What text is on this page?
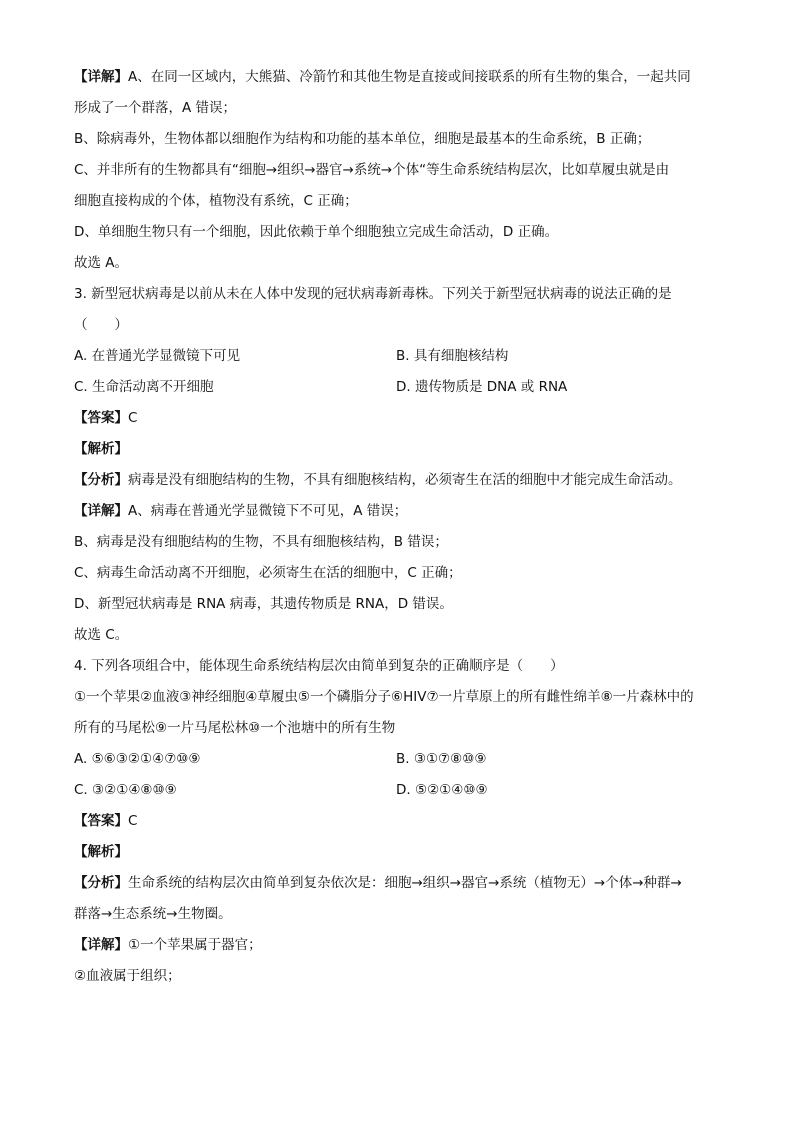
【详解】A、在同一区域内，大熊猫、冷箭竹和其他生物是直接或间接联系的所有生物的集合，一起共同
形成了一个群落，A 错误；
B、除病毒外，生物体都以细胞作为结构和功能的基本单位，细胞是最基本的生命系统，B 正确；
C、并非所有的生物都具有“细胞→组织→器官→系统→个体“等生命系统结构层次，比如草履虫就是由
细胞直接构成的个体，植物没有系统，C 正确；
D、单细胞生物只有一个细胞，因此依赖于单个细胞独立完成生命活动，D 正确。
故选 A。
3. 新型冠状病毒是以前从未在人体中发现的冠状病毒新毒株。下列关于新型冠状病毒的说法正确的是
（　　）
A. 在普通光学显微镜下可见	B. 具有细胞核结构
C. 生命活动离不开细胞	D. 遗传物质是 DNA 或 RNA
【答案】C
【解析】
【分析】病毒是没有细胞结构的生物，不具有细胞核结构，必须寄生在活的细胞中才能完成生命活动。
【详解】A、病毒在普通光学显微镜下不可见，A 错误；
B、病毒是没有细胞结构的生物，不具有细胞核结构，B 错误；
C、病毒生命活动离不开细胞，必须寄生在活的细胞中，C 正确；
D、新型冠状病毒是 RNA 病毒，其遗传物质是 RNA，D 错误。
故选 C。
4. 下列各项组合中，能体现生命系统结构层次由简单到复杂的正确顺序是（　　）
①一个苹果②血液③神经细胞④草履虫⑤一个磷脂分子⑥HIV⑦一片草原上的所有雌性绵羊⑧一片森林中的
所有的马尾松⑨一片马尾松林⑩一个池塘中的所有生物
A. ⑤⑥③②①④⑦⑩⑨	B. ③①⑦⑧⑩⑨
C. ③②①④⑧⑩⑨	D. ⑤②①④⑩⑨
【答案】C
【解析】
【分析】生命系统的结构层次由简单到复杂依次是：细胞→组织→器官→系统（植物无）→个体→种群→
群落→生态系统→生物圈。
【详解】①一个苹果属于器官；
②血液属于组织；
